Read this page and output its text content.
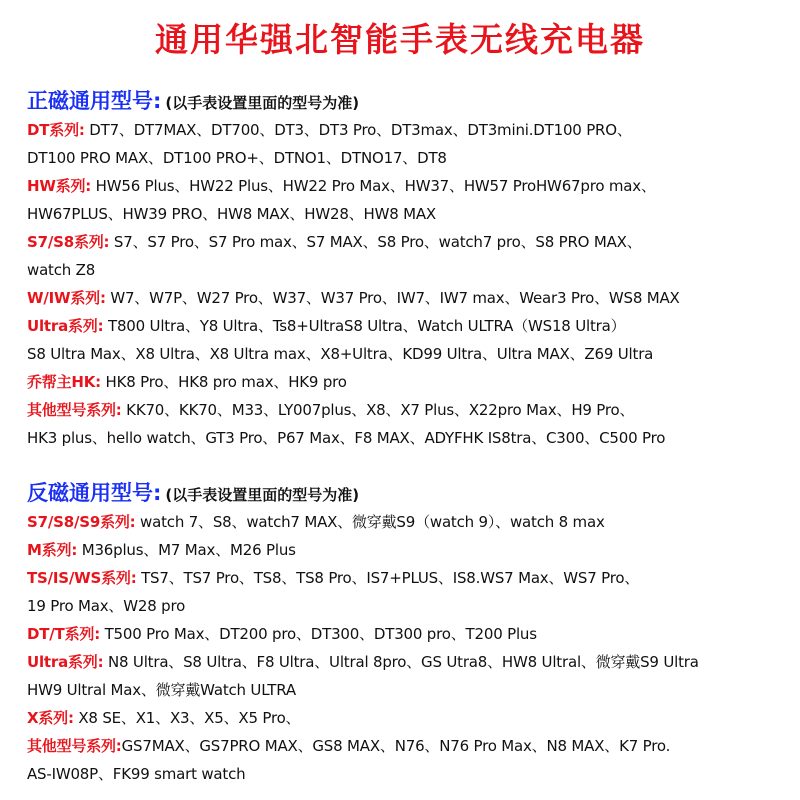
通用华强北智能手表无线充电器
正磁通用型号: (以手表设置里面的型号为准)
DT系列: DT7、DT7MAX、DT700、DT3、DT3 Pro、DT3max、DT3mini.DT100 PRO、
DT100 PRO MAX、DT100 PRO+、DTNO1、DTNO17、DT8
HW系列: HW56 Plus、HW22 Plus、HW22 Pro Max、HW37、HW57 ProHW67pro max、
HW67PLUS、HW39 PRO、HW8 MAX、HW28、HW8 MAX
S7/S8系列: S7、S7 Pro、S7 Pro max、S7 MAX、S8 Pro、watch7 pro、S8 PRO MAX、
watch Z8
W/IW系列: W7、W7P、W27 Pro、W37、W37 Pro、IW7、IW7 max、Wear3 Pro、WS8 MAX
Ultra系列: T800 Ultra、Y8 Ultra、Ts8+UltraS8 Ultra、Watch ULTRA（WS18 Ultra）
S8 Ultra Max、X8 Ultra、X8 Ultra max、X8+Ultra、KD99 Ultra、Ultra MAX、Z69 Ultra
乔帮主HK: HK8 Pro、HK8 pro max、HK9 pro
其他型号系列: KK70、KK70、M33、LY007plus、X8、X7 Plus、X22pro Max、H9 Pro、
HK3 plus、hello watch、GT3 Pro、P67 Max、F8 MAX、ADYFHK IS8tra、C300、C500 Pro
反磁通用型号: (以手表设置里面的型号为准)
S7/S8/S9系列: watch 7、S8、watch7 MAX、微穿戴S9（watch 9）、watch 8 max
M系列: M36plus、M7 Max、M26 Plus
TS/IS/WS系列: TS7、TS7 Pro、TS8、TS8 Pro、IS7+PLUS、IS8.WS7 Max、WS7 Pro、
19 Pro Max、W28 pro
DT/T系列: T500 Pro Max、DT200 pro、DT300、DT300 pro、T200 Plus
Ultra系列: N8 Ultra、S8 Ultra、F8 Ultra、Ultral 8pro、GS Utra8、HW8 Ultral、微穿戴S9 Ultra
HW9 Ultral Max、微穿戴Watch ULTRA
X系列: X8 SE、X1、X3、X5、X5 Pro、
其他型号系列:GS7MAX、GS7PRO MAX、GS8 MAX、N76、N76 Pro Max、N8 MAX、K7 Pro.
AS-IW08P、FK99 smart watch
